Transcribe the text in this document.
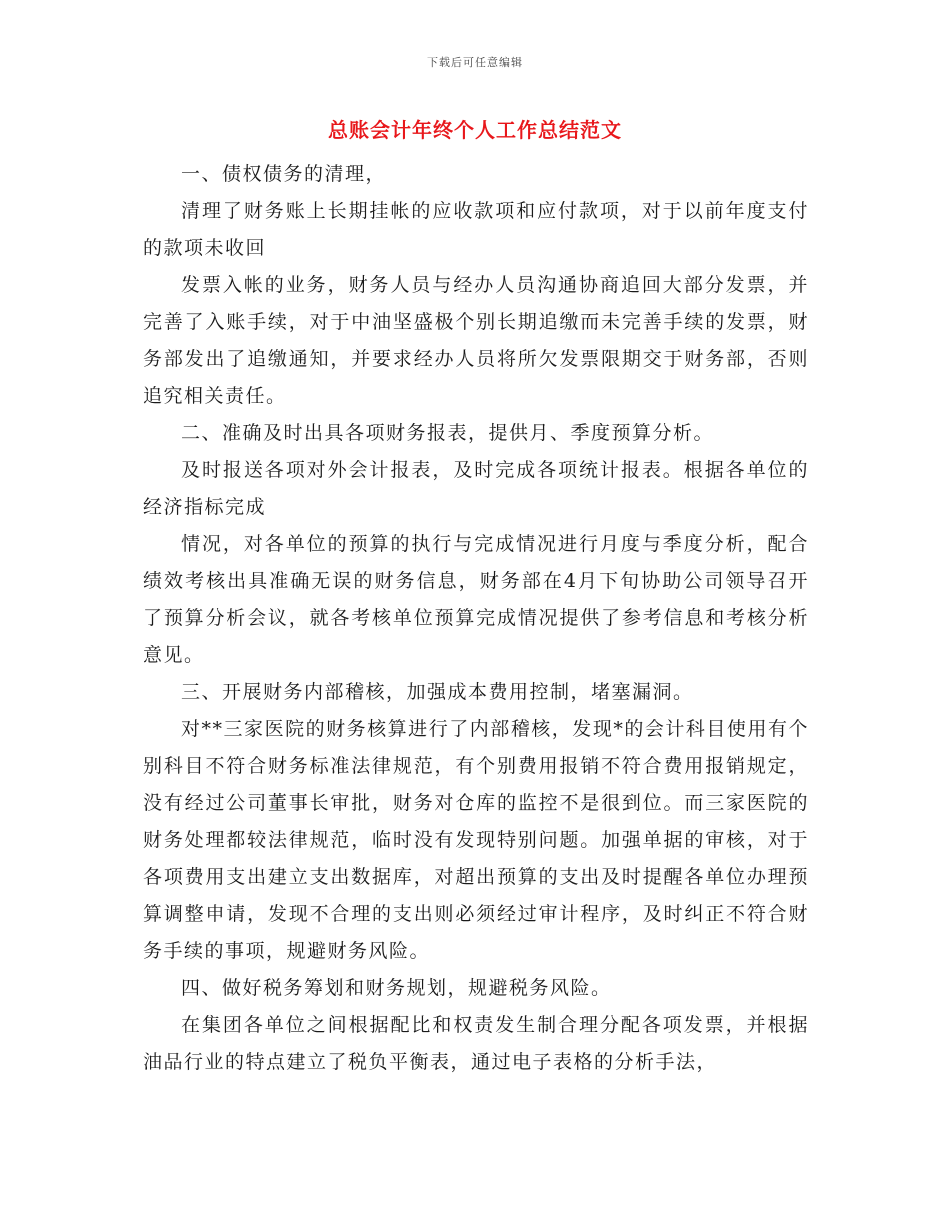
下载后可任意编辑
总账会计年终个人工作总结范文

一、债权债务的清理，

清理了财务账上长期挂帐的应收款项和应付款项，对于以前年度支付的款项未收回

发票入帐的业务，财务人员与经办人员沟通协商追回大部分发票，并完善了入账手续，对于中油坚盛极个别长期追缴而未完善手续的发票，财务部发出了追缴通知，并要求经办人员将所欠发票限期交于财务部，否则追究相关责任。

二、准确及时出具各项财务报表，提供月、季度预算分析。

及时报送各项对外会计报表，及时完成各项统计报表。根据各单位的经济指标完成

情况，对各单位的预算的执行与完成情况进行月度与季度分析，配合绩效考核出具准确无误的财务信息，财务部在4月下旬协助公司领导召开了预算分析会议，就各考核单位预算完成情况提供了参考信息和考核分析意见。

三、开展财务内部稽核，加强成本费用控制，堵塞漏洞。

对**三家医院的财务核算进行了内部稽核，发现*的会计科目使用有个别科目不符合财务标准法律规范，有个别费用报销不符合费用报销规定，没有经过公司董事长审批，财务对仓库的监控不是很到位。而三家医院的财务处理都较法律规范，临时没有发现特别问题。加强单据的审核，对于各项费用支出建立支出数据库，对超出预算的支出及时提醒各单位办理预算调整申请，发现不合理的支出则必须经过审计程序，及时纠正不符合财务手续的事项，规避财务风险。

四、做好税务筹划和财务规划，规避税务风险。

在集团各单位之间根据配比和权责发生制合理分配各项发票，并根据油品行业的特点建立了税负平衡表，通过电子表格的分析手法，
